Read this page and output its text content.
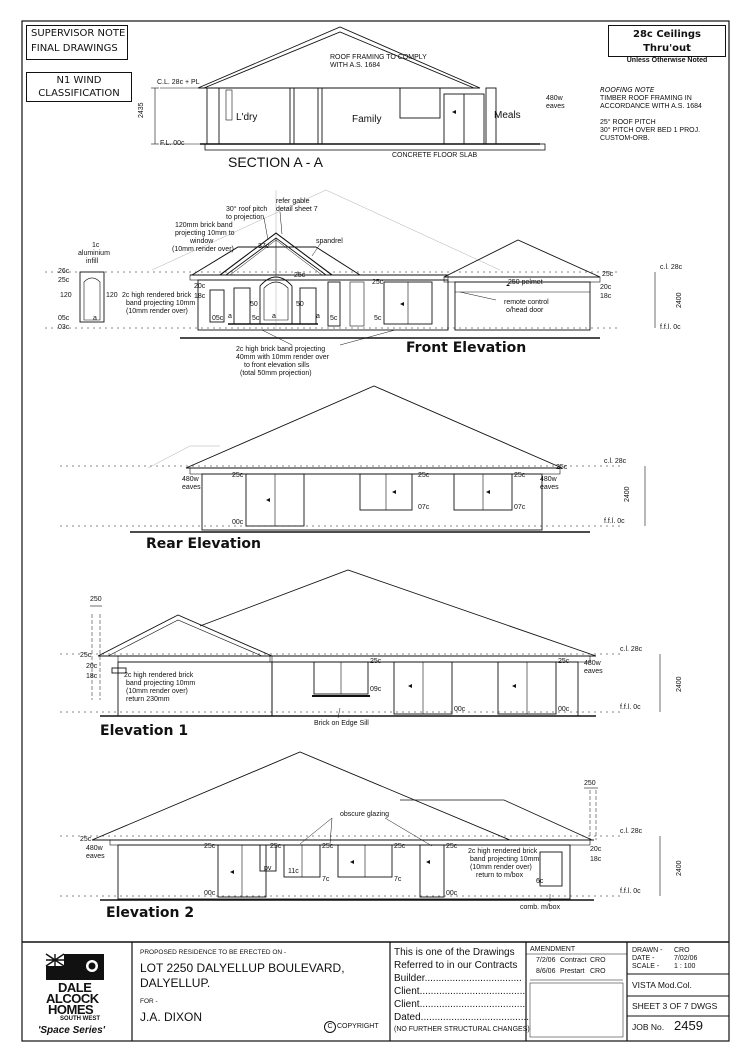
SUPERVISOR NOTE
FINAL DRAWINGS
N1 WIND
CLASSIFICATION
28c Ceilings Thru'out
Unless Otherwise Noted
ROOF FRAMING TO COMPLY
WITH A.S. 1684
C.L. 28c + PL
F.L. 00c
2435	L'dry	Family	Meals
480w
eaves
SECTION A - A	CONCRETE FLOOR SLAB
ROOFING NOTE
TIMBER ROOF FRAMING IN
ACCORDANCE WITH A.S. 1684
25° ROOF PITCH
30° PITCH OVER BED 1 PROJ.
CUSTOM-ORB.
30° roof pitch
to projection
refer gable
detail sheet 7
120mm brick band
projecting 10mm to
window
(10mm render over)
spandrel
1c
aluminium
infill
2c high rendered brick
band projecting 10mm
(10mm render over)
250 pelmet
remote control
o/head door
2c high brick band projecting
40mm with 10mm render over
to front elevation sills
(total 50mm projection)
Front Elevation
c.l. 28c
f.f.l. 0c
2400
26c
25c
120	120
05c
03c
20c
18c
37c
25c
50	50
05c	5c	5c	5c
25c
25c
20c
18c
a	a	a	a
c.l. 28c
f.f.l. 0c
2400
480w
eaves
480w
eaves
25c	25c	25c
25c
07c	07c
00c
Rear Elevation
250
c.l. 28c
f.f.l. 0c
2400
25c
20c
18c	2c high rendered brick
band projecting 10mm
(10mm render over)
return 230mm
25c	25c
09c
00c	00c
480w
eaves
Brick on Edge Sill
Elevation 1
250
obscure glazing
c.l. 28c
f.f.l. 0c
2400
25c
480w
eaves
25c	25c	25c	25c	25c
pv 11c
7c	7c
00c	00c
2c high rendered brick
band projecting 10mm
(10mm render over)
return to m/box
6c
20c
18c
comb. m/box
Elevation 2
DALE
ALCOCK
HOMES
SOUTH WEST
'Space Series'
PROPOSED RESIDENCE TO BE ERECTED ON -
LOT 2250 DALYELLUP BOULEVARD,
DALYELLUP.
FOR -
J.A. DIXON
C COPYRIGHT
This is one of the Drawings
Referred to in our Contracts
Builder...................................
Client......................................
Client......................................
Dated.......................................
(NO FURTHER STRUCTURAL CHANGES)
AMENDMENT
7/2/06 Contract CRO
8/6/06 Prestart CRO
DRAWN - CRO
DATE -	7/02/06
SCALE - 1 : 100
VISTA Mod.Col.
SHEET 3 OF 7 DWGS
JOB No. 2459
